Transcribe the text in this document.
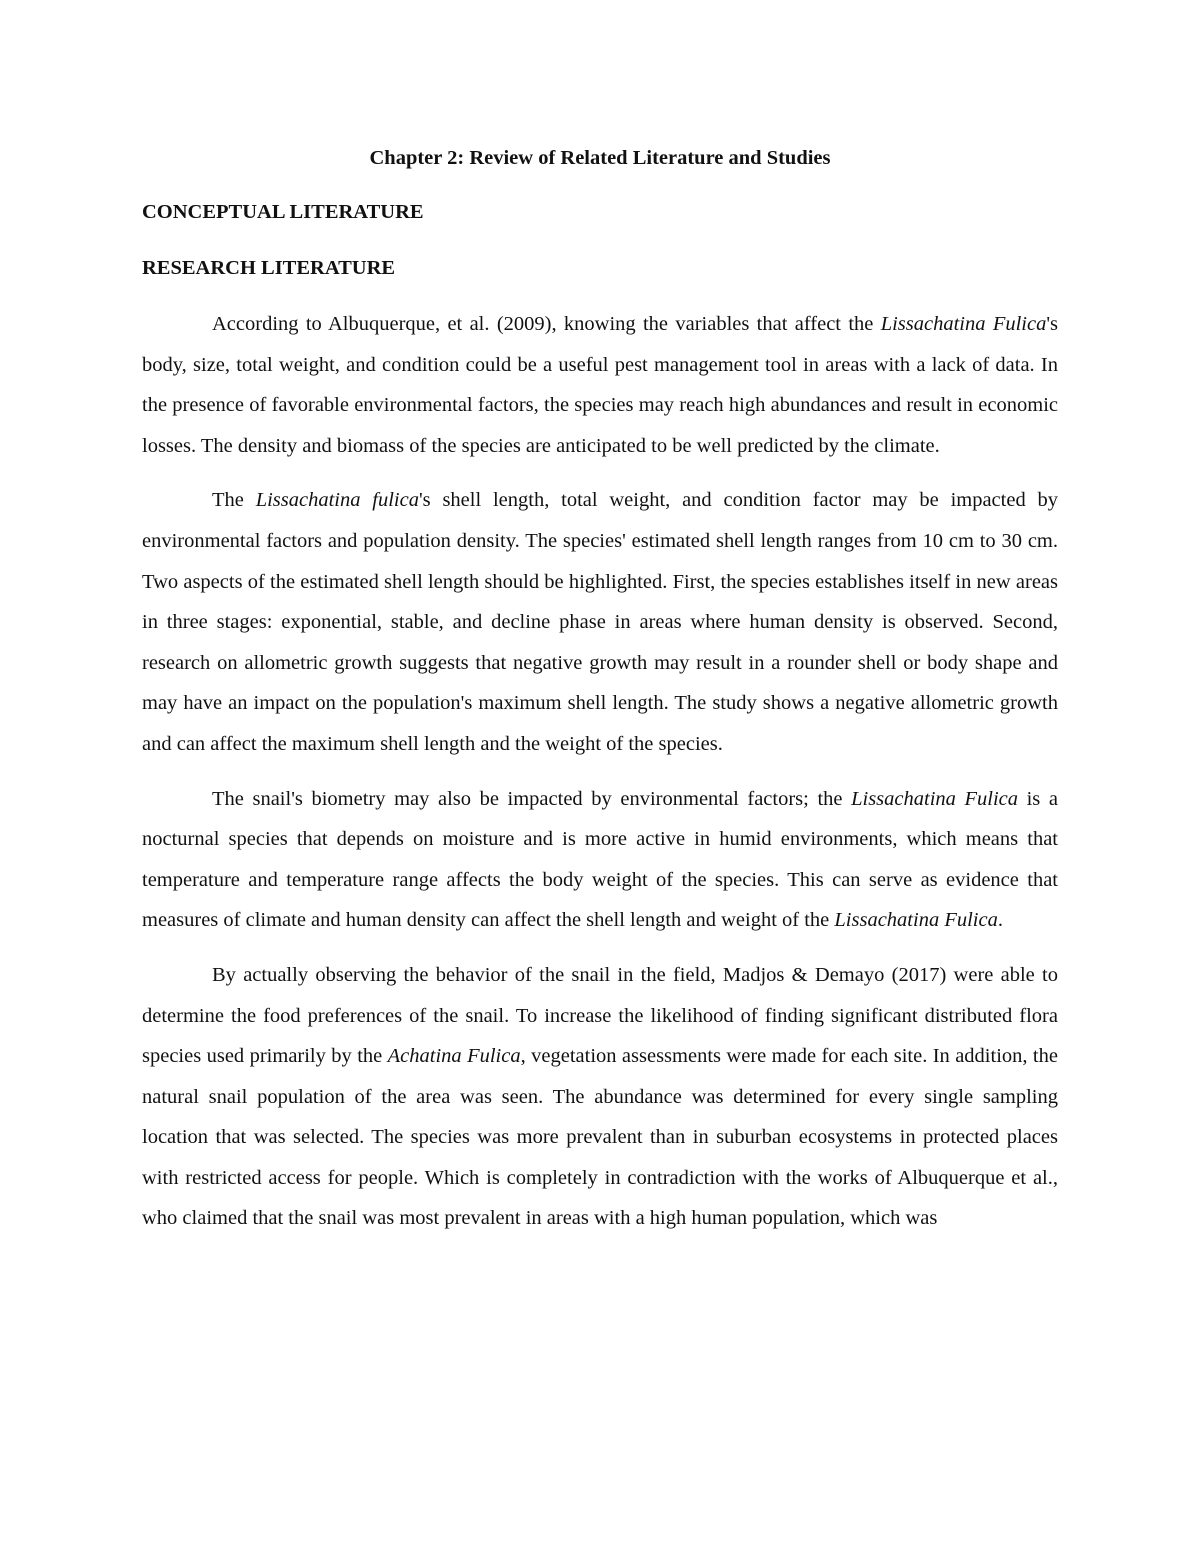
Chapter 2: Review of Related Literature and Studies
CONCEPTUAL LITERATURE
RESEARCH LITERATURE

According to Albuquerque, et al. (2009), knowing the variables that affect the Lissachatina Fulica's body, size, total weight, and condition could be a useful pest management tool in areas with a lack of data. In the presence of favorable environmental factors, the species may reach high abundances and result in economic losses. The density and biomass of the species are anticipated to be well predicted by the climate.

The Lissachatina fulica's shell length, total weight, and condition factor may be impacted by environmental factors and population density. The species' estimated shell length ranges from 10 cm to 30 cm. Two aspects of the estimated shell length should be highlighted. First, the species establishes itself in new areas in three stages: exponential, stable, and decline phase in areas where human density is observed. Second, research on allometric growth suggests that negative growth may result in a rounder shell or body shape and may have an impact on the population's maximum shell length. The study shows a negative allometric growth and can affect the maximum shell length and the weight of the species.

The snail's biometry may also be impacted by environmental factors; the Lissachatina Fulica is a nocturnal species that depends on moisture and is more active in humid environments, which means that temperature and temperature range affects the body weight of the species. This can serve as evidence that measures of climate and human density can affect the shell length and weight of the Lissachatina Fulica.

By actually observing the behavior of the snail in the field, Madjos & Demayo (2017) were able to determine the food preferences of the snail. To increase the likelihood of finding significant distributed flora species used primarily by the Achatina Fulica, vegetation assessments were made for each site. In addition, the natural snail population of the area was seen. The abundance was determined for every single sampling location that was selected. The species was more prevalent than in suburban ecosystems in protected places with restricted access for people. Which is completely in contradiction with the works of Albuquerque et al., who claimed that the snail was most prevalent in areas with a high human population, which was
